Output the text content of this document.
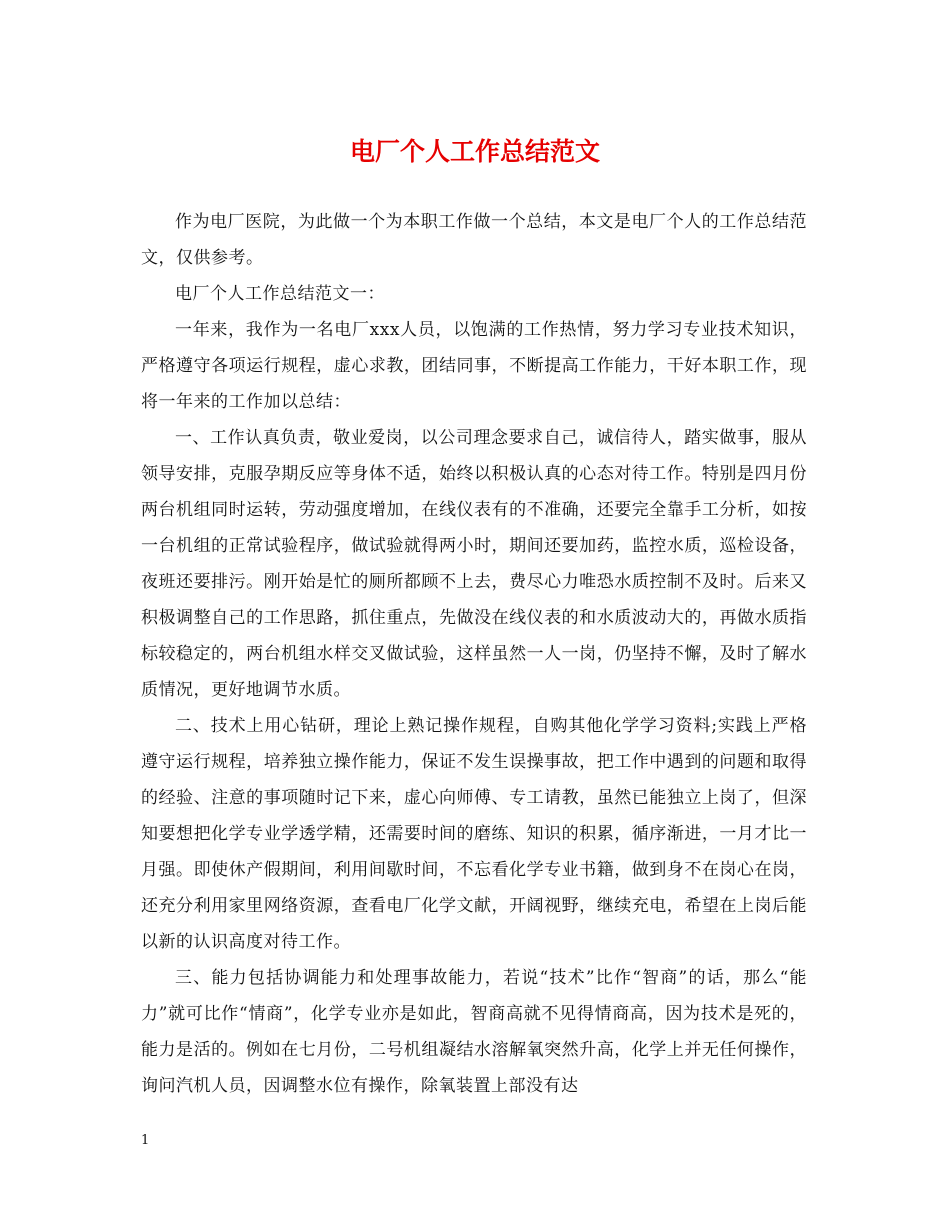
电厂个人工作总结范文

作为电厂医院，为此做一个为本职工作做一个总结，本文是电厂个人的工作总结范文，仅供参考。

电厂个人工作总结范文一：

一年来，我作为一名电厂xxx人员，以饱满的工作热情，努力学习专业技术知识，严格遵守各项运行规程，虚心求教，团结同事，不断提高工作能力，干好本职工作，现将一年来的工作加以总结：

一、工作认真负责，敬业爱岗，以公司理念要求自己，诚信待人，踏实做事，服从领导安排，克服孕期反应等身体不适，始终以积极认真的心态对待工作。特别是四月份两台机组同时运转，劳动强度增加，在线仪表有的不准确，还要完全靠手工分析，如按一台机组的正常试验程序，做试验就得两小时，期间还要加药，监控水质，巡检设备，夜班还要排污。刚开始是忙的厕所都顾不上去，费尽心力唯恐水质控制不及时。后来又积极调整自己的工作思路，抓住重点，先做没在线仪表的和水质波动大的，再做水质指标较稳定的，两台机组水样交叉做试验，这样虽然一人一岗，仍坚持不懈，及时了解水质情况，更好地调节水质。

二、技术上用心钻研，理论上熟记操作规程，自购其他化学学习资料;实践上严格遵守运行规程，培养独立操作能力，保证不发生误操事故，把工作中遇到的问题和取得的经验、注意的事项随时记下来，虚心向师傅、专工请教，虽然已能独立上岗了，但深知要想把化学专业学透学精，还需要时间的磨练、知识的积累，循序渐进，一月才比一月强。即使休产假期间，利用间歇时间，不忘看化学专业书籍，做到身不在岗心在岗，还充分利用家里网络资源，查看电厂化学文献，开阔视野，继续充电，希望在上岗后能以新的认识高度对待工作。

三、能力包括协调能力和处理事故能力，若说“技术”比作“智商”的话，那么“能力”就可比作“情商”，化学专业亦是如此，智商高就不见得情商高，因为技术是死的，能力是活的。例如在七月份，二号机组凝结水溶解氧突然升高，化学上并无任何操作，询问汽机人员，因调整水位有操作，除氧装置上部没有达

1
